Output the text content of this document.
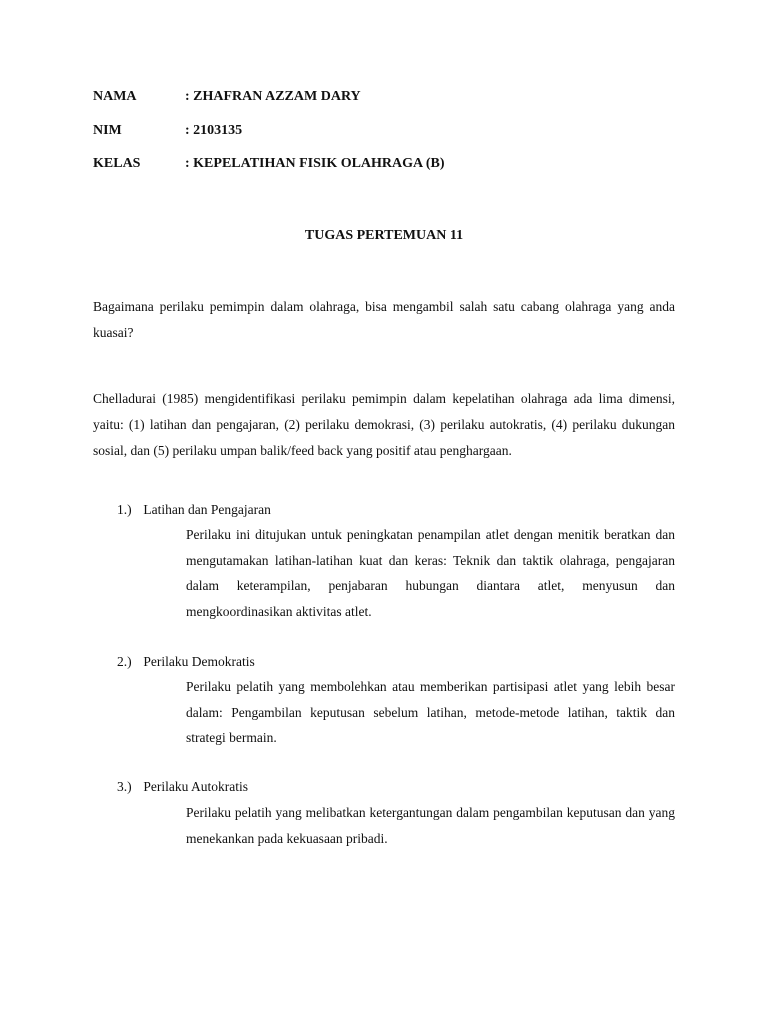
NAMA	: ZHAFRAN AZZAM DARY
NIM	: 2103135
KELAS	: KEPELATIHAN FISIK OLAHRAGA (B)
TUGAS PERTEMUAN 11

Bagaimana perilaku pemimpin dalam olahraga, bisa mengambil salah satu cabang olahraga yang anda kuasai?

Chelladurai (1985) mengidentifikasi perilaku pemimpin dalam kepelatihan olahraga ada lima dimensi, yaitu: (1) latihan dan pengajaran, (2) perilaku demokrasi, (3) perilaku autokratis, (4) perilaku dukungan sosial, dan (5) perilaku umpan balik/feed back yang positif atau penghargaan.

1.) Latihan dan Pengajaran

Perilaku ini ditujukan untuk peningkatan penampilan atlet dengan menitik beratkan dan mengutamakan latihan-latihan kuat dan keras: Teknik dan taktik olahraga, pengajaran dalam keterampilan, penjabaran hubungan diantara atlet, menyusun dan mengkoordinasikan aktivitas atlet.

2.) Perilaku Demokratis

Perilaku pelatih yang membolehkan atau memberikan partisipasi atlet yang lebih besar dalam: Pengambilan keputusan sebelum latihan, metode-metode latihan, taktik dan strategi bermain.

3.) Perilaku Autokratis

Perilaku pelatih yang melibatkan ketergantungan dalam pengambilan keputusan dan yang menekankan pada kekuasaan pribadi.
